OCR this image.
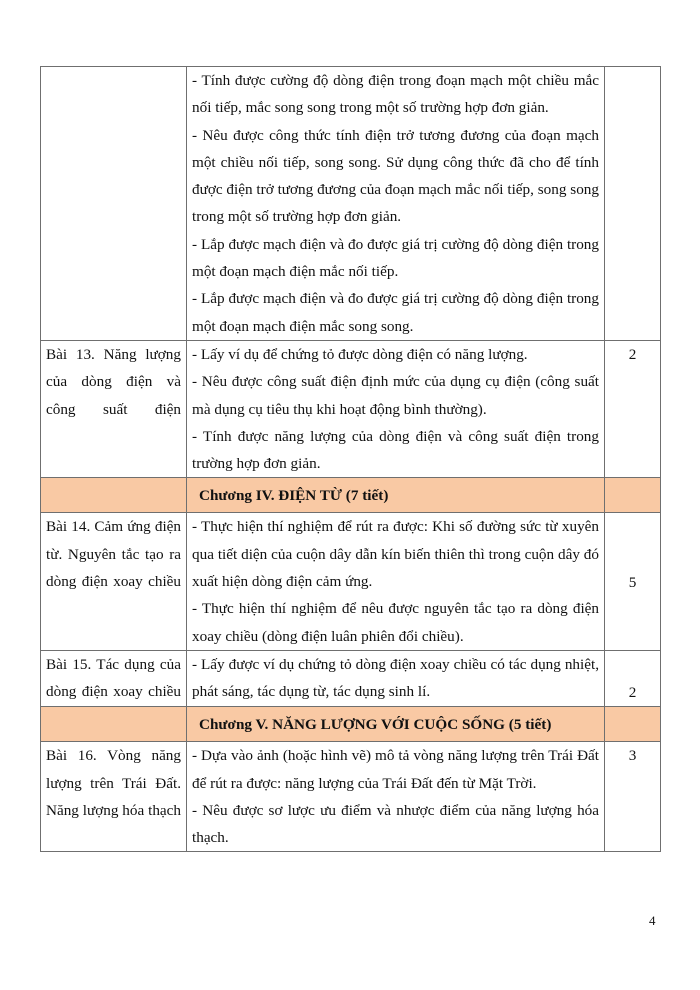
	- Tính được cường độ dòng điện trong đoạn mạch một chiều mắc nối tiếp, mắc song song trong một số trường hợp đơn giản.

- Nêu được công thức tính điện trở tương đương của đoạn mạch một chiều nối tiếp, song song. Sử dụng công thức đã cho để tính được điện trở tương đương của đoạn mạch mắc nối tiếp, song song trong một số trường hợp đơn giản.

- Lắp được mạch điện và đo được giá trị cường độ dòng điện trong một đoạn mạch điện mắc nối tiếp.

- Lắp được mạch điện và đo được giá trị cường độ dòng điện trong một đoạn mạch điện mắc song song.	

Bài 13. Năng lượng của dòng điện và công suất điện	- Lấy ví dụ để chứng tỏ được dòng điện có năng lượng.

- Nêu được công suất điện định mức của dụng cụ điện (công suất mà dụng cụ tiêu thụ khi hoạt động bình thường).

- Tính được năng lượng của dòng điện và công suất điện trong trường hợp đơn giản.	2
	Chương IV. ĐIỆN TỪ (7 tiết)	
Bài 14. Cảm ứng điện từ. Nguyên tắc tạo ra dòng điện xoay chiều	- Thực hiện thí nghiệm để rút ra được: Khi số đường sức từ xuyên qua tiết diện của cuộn dây dẫn kín biến thiên thì trong cuộn dây đó xuất hiện dòng điện cảm ứng.

- Thực hiện thí nghiệm để nêu được nguyên tắc tạo ra dòng điện xoay chiều (dòng điện luân phiên đổi chiều).	5
Bài 15. Tác dụng của dòng điện xoay chiều	- Lấy được ví dụ chứng tỏ dòng điện xoay chiều có tác dụng nhiệt, phát sáng, tác dụng từ, tác dụng sinh lí.	2
	Chương V. NĂNG LƯỢNG VỚI CUỘC SỐNG (5 tiết)	
Bài 16. Vòng năng lượng trên Trái Đất. Năng lượng hóa thạch	- Dựa vào ảnh (hoặc hình vẽ) mô tả vòng năng lượng trên Trái Đất để rút ra được: năng lượng của Trái Đất đến từ Mặt Trời.

- Nêu được sơ lược ưu điểm và nhược điểm của năng lượng hóa thạch.	3
4
